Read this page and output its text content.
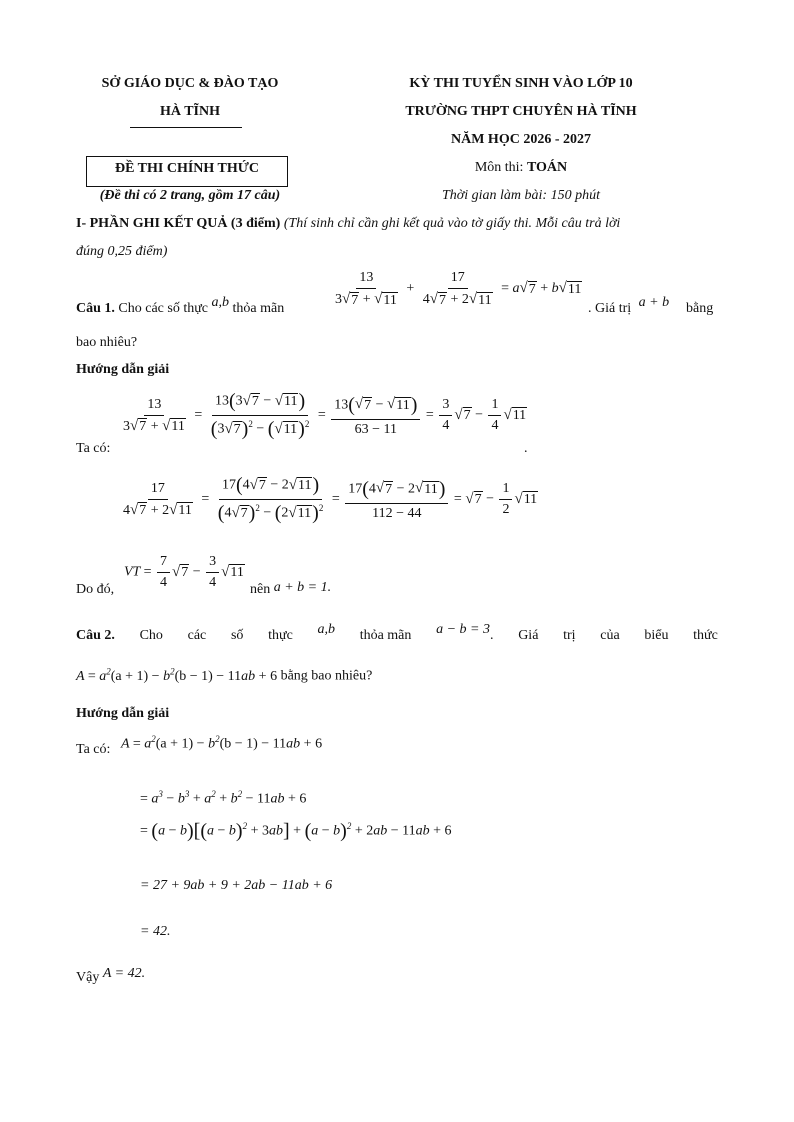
SỞ GIÁO DỤC & ĐÀO TẠO
HÀ TĨNH
ĐỀ THI CHÍNH THỨC
(Đề thi có 2 trang, gồm 17 câu)
KỲ THI TUYỂN SINH VÀO LỚP 10
TRƯỜNG THPT CHUYÊN HÀ TĨNH
NĂM HỌC 2026 - 2027
Môn thi: TOÁN
Thời gian làm bài: 150 phút
I- PHẦN GHI KẾT QUẢ (3 điểm) (Thí sinh chỉ cần ghi kết quả vào tờ giấy thi. Mỗi câu trả lời
đúng 0,25 điểm)
Câu 1. Cho các số thực a,b thỏa mãn
$\frac{13}{3 √ 7 + √ 11} + \frac{17}{4 √ 7 + 2 √ 11} = a$ √ 7 + b √ 11
. Giá trị a + b	bằng
bao nhiêu?
Hướng dẫn giải
$\frac{13}{3 √ 7 + √ 11} = \frac{13(3 √ 7 - √ 11 )}{(3 √ 7 )^2 - ( √ 11 )^2} = \frac{13( √ 7 - √ 11 )}{63 - 11} = \frac{3}{4}$ √ $7 - \frac{1}{4}$ √ 11
Ta có:	.
$\frac{17}{4 √ 7 + 2 √ 11} = \frac{17(4 √ 7 - 2 √ 11 )}{(4 √ 7 )^2 - (2 √ 11 )^2} = \frac{17(4 √ 7 - 2 √ 11 )}{112 - 44}$ = √ $7 - \frac{1}{2}$ √ 11
VT = $\frac{7}{4}$ √ $7 - \frac{3}{4}$ √ 11
Do đó,	nên a + b = 1.
Câu 2. Cho các số thực a,b thỏa mãn a − b = 3. Giá trị của biểu thức
$A = a^2(a + 1) - b^2(b - 1) - 11ab + 6$ bằng bao nhiêu?
Hướng dẫn giải
Ta có: $A = a^2(a + 1) - b^2(b - 1) - 11ab + 6$
= $a^3 - b^3 + a^2 + b^2 - 11ab + 6$
= $(a - b)[(a - b)^2 + 3ab] + (a - b)^2 + 2ab - 11ab + 6$
= 27 + 9ab + 9 + 2ab − 11ab + 6
= 42.
Vậy A = 42.
